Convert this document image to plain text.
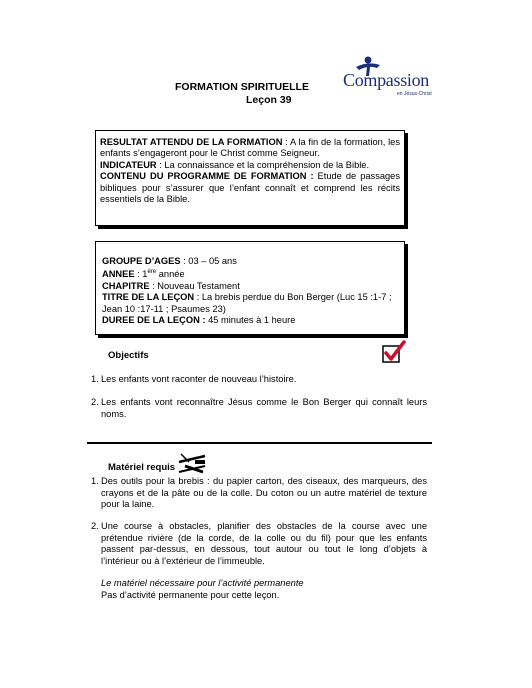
FORMATION SPIRITUELLE
Leçon 39
Compassion
en Jésus-Christ
RESULTAT ATTENDU DE LA FORMATION : A la fin de la formation, les enfants s’engageront pour le Christ comme Seigneur.
INDICATEUR : La connaissance et la compréhension de la Bible.
CONTENU DU PROGRAMME DE FORMATION : Etude de passages bibliques pour s’assurer que l’enfant connaît et comprend les récits essentiels de la Bible.
GROUPE D’AGES : 03 – 05 ans
ANNEE : 1ère année
CHAPITRE : Nouveau Testament
TITRE DE LA LEÇON : La brebis perdue du Bon Berger (Luc 15 :1-7 ; Jean 10 :17-11 ; Psaumes 23)
DUREE DE LA LEÇON : 45 minutes à 1 heure
Objectifs
1. Les enfants vont raconter de nouveau l’histoire.
2. Les enfants vont reconnaître Jésus comme le Bon Berger qui connaît leurs noms.
Matériel requis
1. Des outils pour la brebis : du papier carton, des ciseaux, des marqueurs, des crayons et de la pâte ou de la colle. Du coton ou un autre matériel de texture pour la laine.
2. Une course à obstacles, planifier des obstacles de la course avec une prétendue rivière (de la corde, de la colle ou du fil) pour que les enfants passent par-dessus, en dessous, tout autour ou tout le long d’objets à l’intérieur ou à l’extérieur de l’immeuble.
Le matériel nécessaire pour l’activité permanente
Pas d’activité permanente pour cette leçon.
